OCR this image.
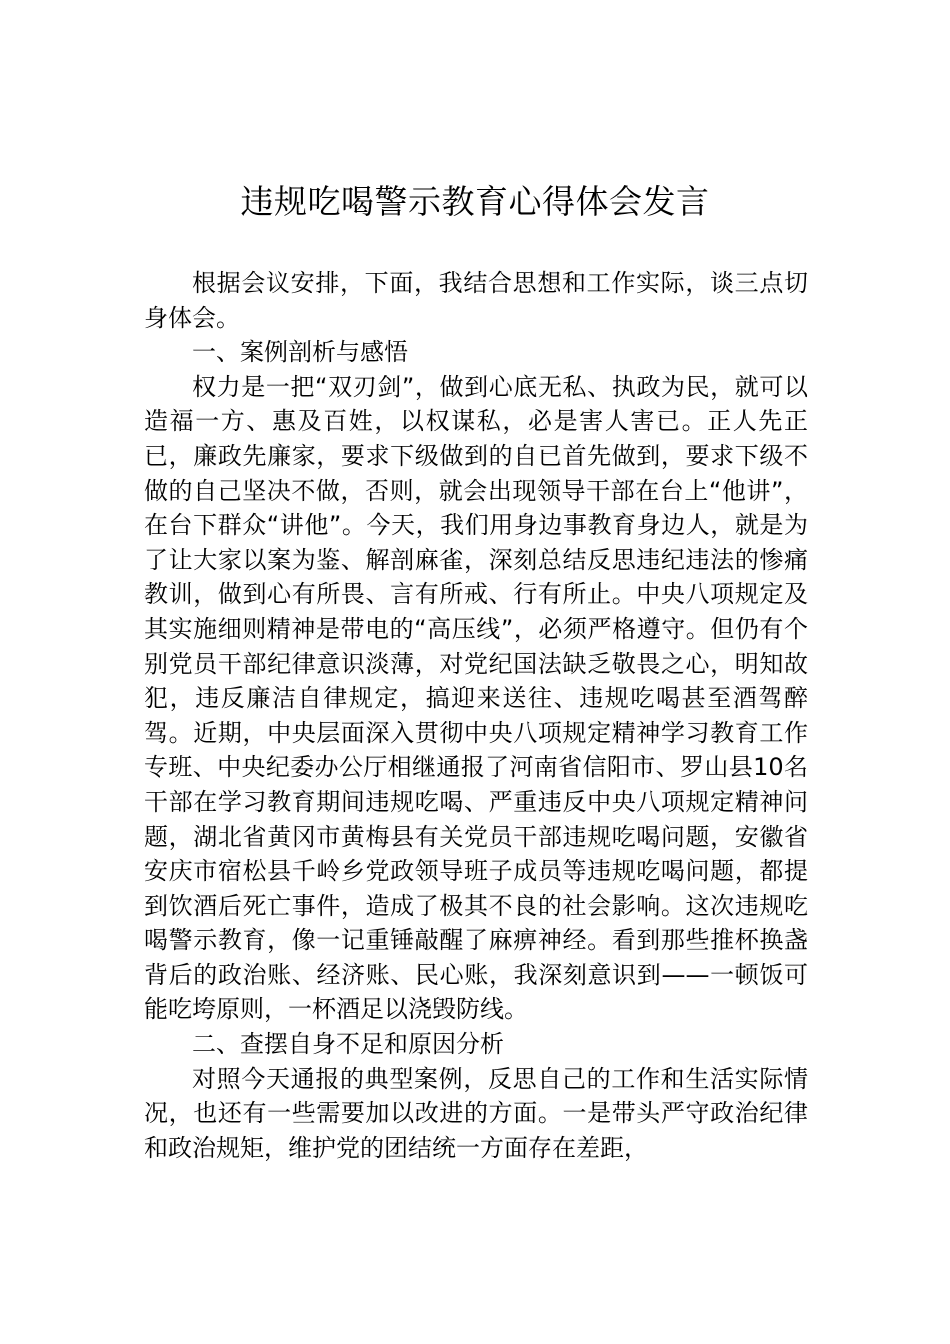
违规吃喝警示教育心得体会发言

根据会议安排，下面，我结合思想和工作实际，谈三点切身体会。

一、案例剖析与感悟

权力是一把“双刃剑”，做到心底无私、执政为民，就可以造福一方、惠及百姓，以权谋私，必是害人害已。正人先正已，廉政先廉家，要求下级做到的自已首先做到，要求下级不做的自己坚决不做，否则，就会出现领导干部在台上“他讲”，在台下群众“讲他”。今天，我们用身边事教育身边人，就是为了让大家以案为鉴、解剖麻雀，深刻总结反思违纪违法的惨痛教训，做到心有所畏、言有所戒、行有所止。中央八项规定及其实施细则精神是带电的“高压线”，必须严格遵守。但仍有个别党员干部纪律意识淡薄，对党纪国法缺乏敬畏之心，明知故犯，违反廉洁自律规定，搞迎来送往、违规吃喝甚至酒驾醉驾。近期，中央层面深入贯彻中央八项规定精神学习教育工作专班、中央纪委办公厅相继通报了河南省信阳市、罗山县10名干部在学习教育期间违规吃喝、严重违反中央八项规定精神问题，湖北省黄冈市黄梅县有关党员干部违规吃喝问题，安徽省安庆市宿松县千岭乡党政领导班子成员等违规吃喝问题，都提到饮酒后死亡事件，造成了极其不良的社会影响。这次违规吃喝警示教育，像一记重锤敲醒了麻痹神经。看到那些推杯换盏背后的政治账、经济账、民心账，我深刻意识到——一顿饭可能吃垮原则，一杯酒足以浇毁防线。

二、查摆自身不足和原因分析

对照今天通报的典型案例，反思自己的工作和生活实际情况，也还有一些需要加以改进的方面。一是带头严守政治纪律和政治规矩，维护党的团结统一方面存在差距，
